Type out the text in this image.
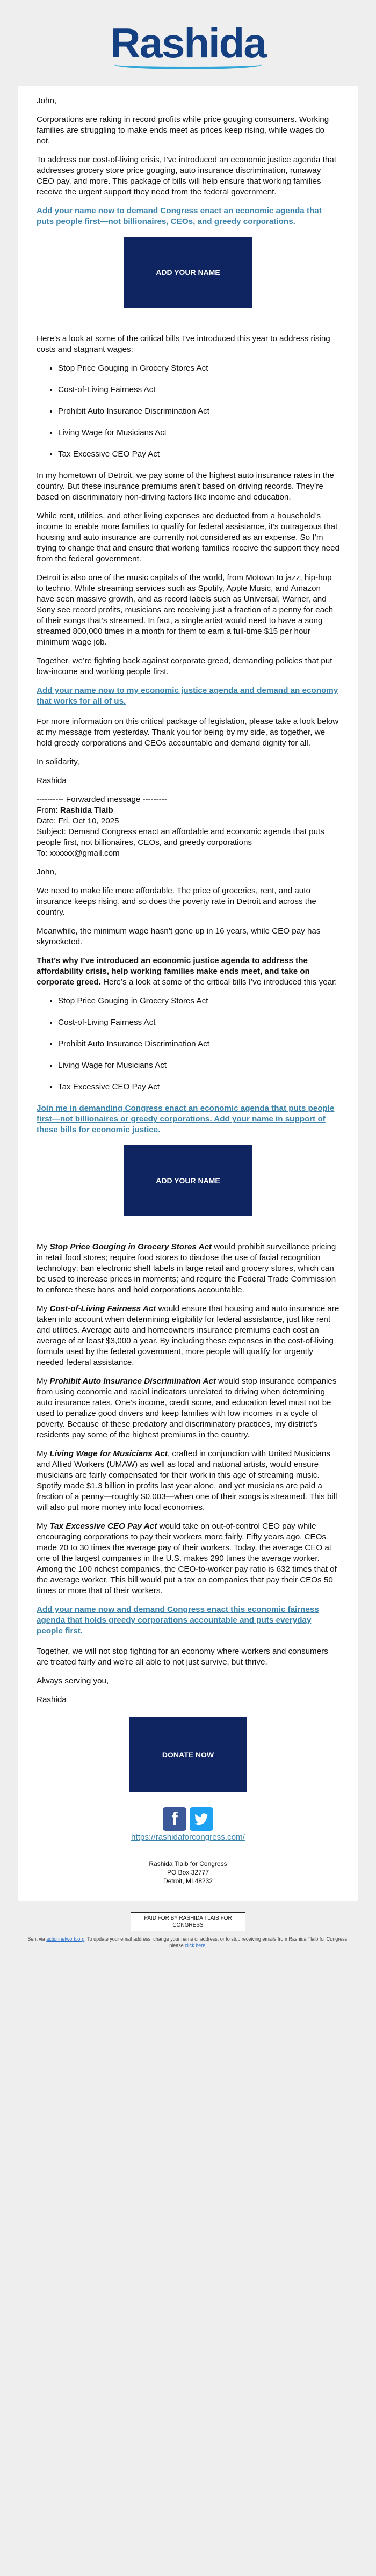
Rashida

John,

Corporations are raking in record profits while price gouging consumers. Working families are struggling to make ends meet as prices keep rising, while wages do not.

To address our cost-of-living crisis, I’ve introduced an economic justice agenda that addresses grocery store price gouging, auto insurance discrimination, runaway CEO pay, and more. This package of bills will help ensure that working families receive the urgent support they need from the federal government.

Add your name now to demand Congress enact an economic agenda that puts people first—not billionaires, CEOs, and greedy corporations.
ADD YOUR NAME

Here’s a look at some of the critical bills I’ve introduced this year to address rising costs and stagnant wages:

• Stop Price Gouging in Grocery Stores Act
• Cost-of-Living Fairness Act
• Prohibit Auto Insurance Discrimination Act
• Living Wage for Musicians Act
• Tax Excessive CEO Pay Act

In my hometown of Detroit, we pay some of the highest auto insurance rates in the country. But these insurance premiums aren’t based on driving records. They’re based on discriminatory non-driving factors like income and education.

While rent, utilities, and other living expenses are deducted from a household’s income to enable more families to qualify for federal assistance, it’s outrageous that housing and auto insurance are currently not considered as an expense. So I’m trying to change that and ensure that working families receive the support they need from the federal government.

Detroit is also one of the music capitals of the world, from Motown to jazz, hip-hop to techno. While streaming services such as Spotify, Apple Music, and Amazon have seen massive growth, and as record labels such as Universal, Warner, and Sony see record profits, musicians are receiving just a fraction of a penny for each of their songs that’s streamed. In fact, a single artist would need to have a song streamed 800,000 times in a month for them to earn a full-time $15 per hour minimum wage job.

Together, we’re fighting back against corporate greed, demanding policies that put low-income and working people first.

Add your name now to my economic justice agenda and demand an economy that works for all of us.

For more information on this critical package of legislation, please take a look below at my message from yesterday. Thank you for being by my side, as together, we hold greedy corporations and CEOs accountable and demand dignity for all.

In solidarity,

Rashida

---------- Forwarded message ---------
From: Rashida Tlaib
Date: Fri, Oct 10, 2025
Subject: Demand Congress enact an affordable and economic agenda that puts people first, not billionaires, CEOs, and greedy corporations
To: xxxxxx@gmail.com

John,

We need to make life more affordable. The price of groceries, rent, and auto insurance keeps rising, and so does the poverty rate in Detroit and across the country.

Meanwhile, the minimum wage hasn’t gone up in 16 years, while CEO pay has skyrocketed.

That’s why I’ve introduced an economic justice agenda to address the affordability crisis, help working families make ends meet, and take on corporate greed. Here’s a look at some of the critical bills I’ve introduced this year:

• Stop Price Gouging in Grocery Stores Act
• Cost-of-Living Fairness Act
• Prohibit Auto Insurance Discrimination Act
• Living Wage for Musicians Act
• Tax Excessive CEO Pay Act
Join me in demanding Congress enact an economic agenda that puts people first—not billionaires or greedy corporations. Add your name in support of these bills for economic justice.
ADD YOUR NAME

My Stop Price Gouging in Grocery Stores Act would prohibit surveillance pricing in retail food stores; require food stores to disclose the use of facial recognition technology; ban electronic shelf labels in large retail and grocery stores, which can be used to increase prices in moments; and require the Federal Trade Commission to enforce these bans and hold corporations accountable.

My Cost-of-Living Fairness Act would ensure that housing and auto insurance are taken into account when determining eligibility for federal assistance, just like rent and utilities. Average auto and homeowners insurance premiums each cost an average of at least $3,000 a year. By including these expenses in the cost-of-living formula used by the federal government, more people will qualify for urgently needed federal assistance.

My Prohibit Auto Insurance Discrimination Act would stop insurance companies from using economic and racial indicators unrelated to driving when determining auto insurance rates. One’s income, credit score, and education level must not be used to penalize good drivers and keep families with low incomes in a cycle of poverty. Because of these predatory and discriminatory practices, my district’s residents pay some of the highest premiums in the country.

My Living Wage for Musicians Act, crafted in conjunction with United Musicians and Allied Workers (UMAW) as well as local and national artists, would ensure musicians are fairly compensated for their work in this age of streaming music. Spotify made $1.3 billion in profits last year alone, and yet musicians are paid a fraction of a penny—roughly $0.003—when one of their songs is streamed. This bill will also put more money into local economies.

My Tax Excessive CEO Pay Act would take on out-of-control CEO pay while encouraging corporations to pay their workers more fairly. Fifty years ago, CEOs made 20 to 30 times the average pay of their workers. Today, the average CEO at one of the largest companies in the U.S. makes 290 times the average worker. Among the 100 richest companies, the CEO-to-worker pay ratio is 632 times that of the average worker. This bill would put a tax on companies that pay their CEOs 50 times or more that of their workers.

Add your name now and demand Congress enact this economic fairness agenda that holds greedy corporations accountable and puts everyday people first.

Together, we will not stop fighting for an economy where workers and consumers are treated fairly and we’re all able to not just survive, but thrive.

Always serving you,

Rashida

DONATE NOW
f
https://rashidaforcongress.com/
Rashida Tlaib for Congress
PO Box 32777
Detroit, MI 48232
PAID FOR BY RASHIDA TLAIB FOR CONGRESS
Sent via actionnetwork.org. To update your email address, change your name or address, or to stop receiving emails from Rashida Tlaib for Congress, please click here.
